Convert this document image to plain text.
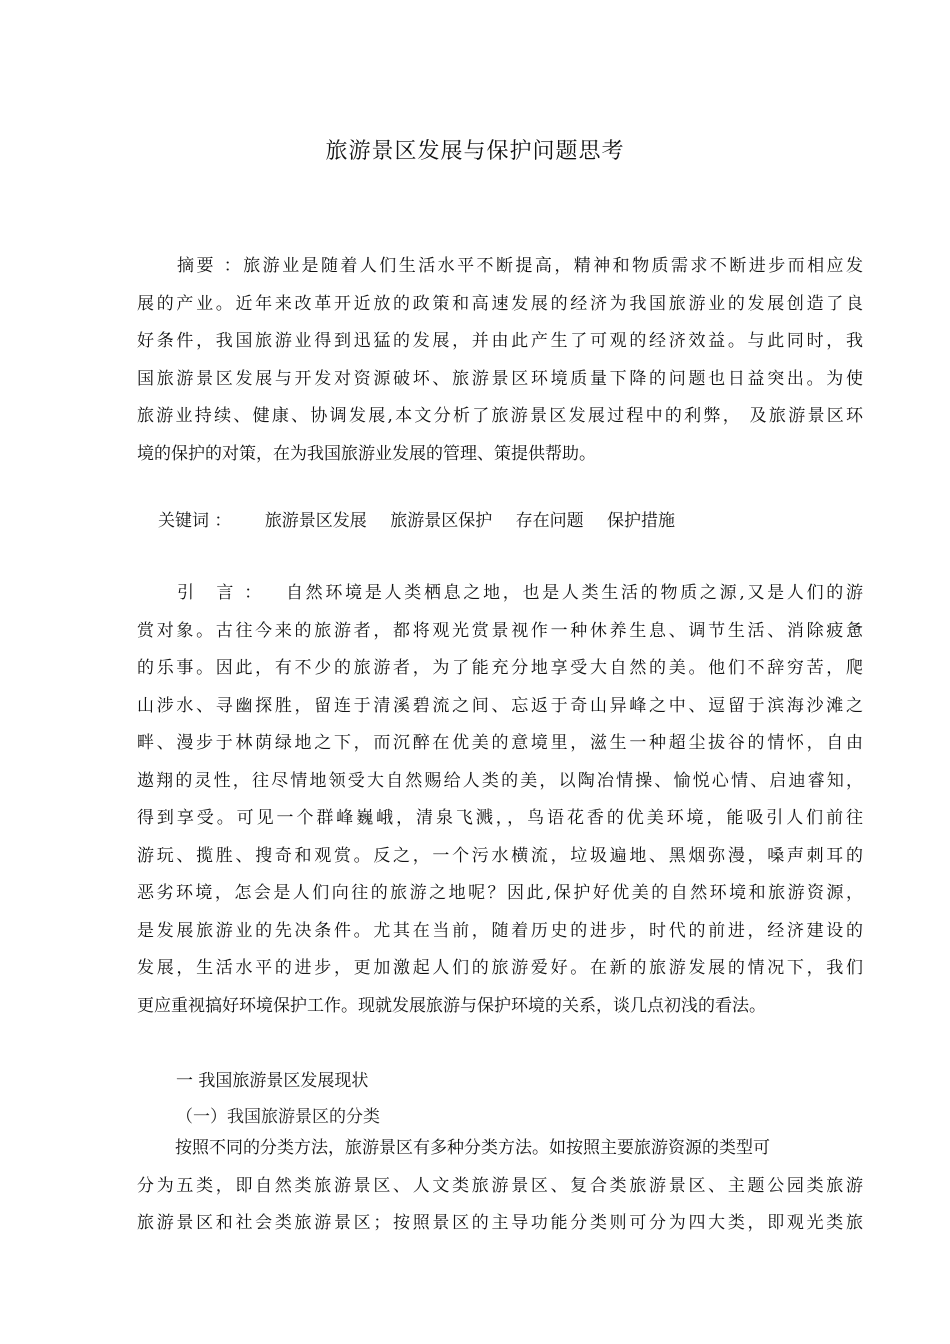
旅游景区发展与保护问题思考
摘要 ：旅游业是随着人们生活水平不断提高，精神和物质需求不断进步而相应发
展的产业。近年来改革开近放的政策和高速发展的经济为我国旅游业的发展创造了良
好条件，我国旅游业得到迅猛的发展，并由此产生了可观的经济效益。与此同时，我
国旅游景区发展与开发对资源破坏、旅游景区环境质量下降的问题也日益突出。为使
旅游业持续、健康、协调发展,本文分析了旅游景区发展过程中的利弊， 及旅游景区环
境的保护的对策，在为我国旅游业发展的管理、策提供帮助。
关键词 ： 旅游景区发展 旅游景区保护 存在问题 保护措施
引　言 ： 自然环境是人类栖息之地，也是人类生活的物质之源,又是人们的游
赏对象。古往今来的旅游者，都将观光赏景视作一种休养生息、调节生活、消除疲惫
的乐事。因此，有不少的旅游者，为了能充分地享受大自然的美。他们不辞穷苦，爬
山涉水、寻幽探胜，留连于清溪碧流之间、忘返于奇山异峰之中、逗留于滨海沙滩之
畔、漫步于林荫绿地之下，而沉醉在优美的意境里，滋生一种超尘拔谷的情怀，自由
遨翔的灵性，往尽情地领受大自然赐给人类的美，以陶冶情操、愉悦心情、启迪睿知，
得到享受。可见一个群峰巍峨，清泉飞溅，，鸟语花香的优美环境，能吸引人们前往
游玩、揽胜、搜奇和观赏。反之，一个污水横流，垃圾遍地、黑烟弥漫，嗓声刺耳的
恶劣环境，怎会是人们向往的旅游之地呢？因此,保护好优美的自然环境和旅游资源，
是发展旅游业的先决条件。尤其在当前，随着历史的进步，时代的前进，经济建设的
发展，生活水平的进步，更加激起人们的旅游爱好。在新的旅游发展的情况下，我们
更应重视搞好环境保护工作。现就发展旅游与保护环境的关系，谈几点初浅的看法。
一 我国旅游景区发展现状
（一）我国旅游景区的分类
按照不同的分类方法，旅游景区有多种分类方法。如按照主要旅游资源的类型可
分为五类，即自然类旅游景区、人文类旅游景区、复合类旅游景区、主题公园类旅游
旅游景区和社会类旅游景区；按照景区的主导功能分类则可分为四大类，即观光类旅
